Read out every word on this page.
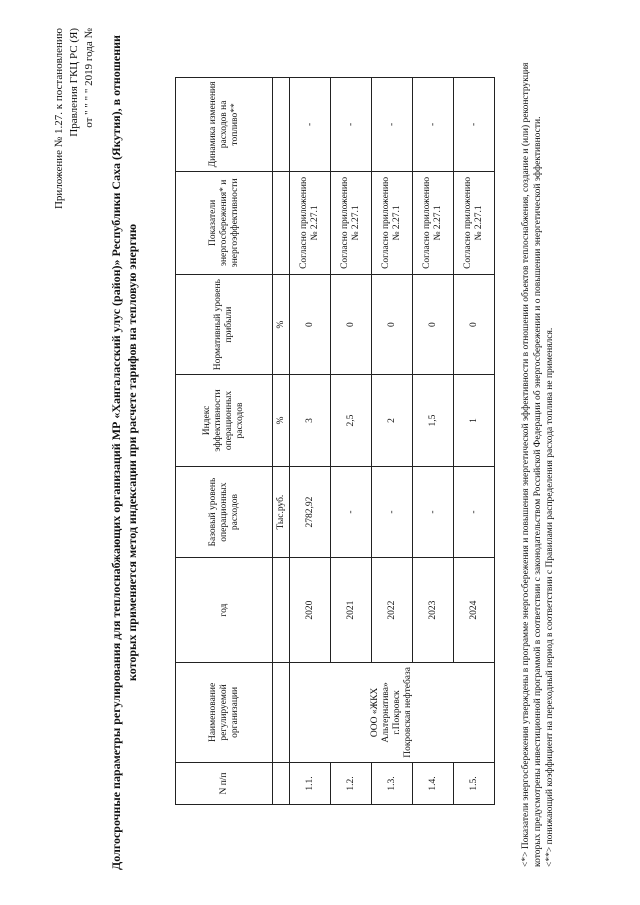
Приложение № 1.27. к постановлению Правления ГКЦ РС (Я) от " " " " 2019 года № Долгосрочные параметры регулирования для теплоснабжающих организаций МР «Хангаласский улус (район)» Республики Саха (Якутия), в отношении которых применяется метод индексации при расчете тарифов на тепловую энергию
N п/п	Наименование регулируемой организации	год	Базовый уровень операционных расходов	Индекс эффективности операционных расходов	Нормативный уровень прибыли	Показатели энергосбережения* и энергоэффективности	Динамика изменения расходов на топливо**
			Тыс.руб.	%	%		
1.1.	ООО «ЖКХ Альтернатива» г.Покровск Покровская нефтебаза	2020	2782,92	3	0	Согласно приложению № 2.27.1	-
1.2.		2021	-	2,5	0	Согласно приложению № 2.27.1	-
1.3.		2022	-	2	0	Согласно приложению № 2.27.1	-
1.4.		2023	-	1,5	0	Согласно приложению № 2.27.1	-
1.5.		2024	-	1	0	Согласно приложению № 2.27.1	-	<*> Показатели энергосбережения утверждены в программе энергосбережения и повышения энергетической эффективности в отношении объектов теплоснабжения, создание и (или) реконструкция которых предусмотрены инвестиционной программой в соответствии с законодательством Российской Федерации об энергосбережении и о повышении энергетической эффективности. <**> понижающий коэффициент на переходный период в соответствии с Правилами распределения расхода топлива не применялся.
